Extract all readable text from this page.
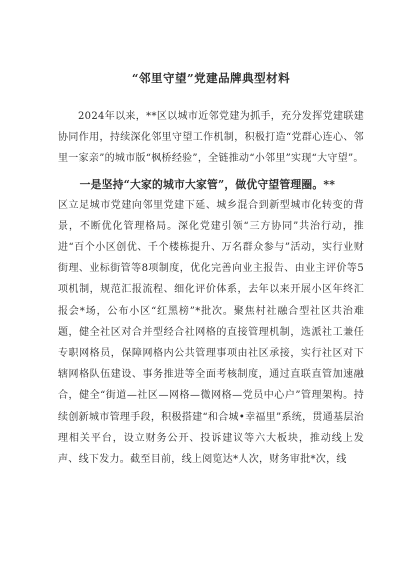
“邻里守望”党建品牌典型材料

2024年以来，**区以城市近邻党建为抓手，充分发挥党建联建协同作用，持续深化邻里守望工作机制，积极打造“党群心连心、邻里一家亲”的城市版“枫桥经验”，全链推动“小邻里”实现“大守望”。

一是坚持“大家的城市大家管”，做优守望管理圈。**

区立足城市党建向邻里党建下延、城乡混合到新型城市化转变的背景，不断优化管理格局。深化党建引领“三方协同”共治行动，推进“百个小区创优、千个楼栋提升、万名群众参与”活动，实行业财街理、业标街管等8项制度，优化完善向业主报告、由业主评价等5项机制，规范汇报流程、细化评价体系，去年以来开展小区年终汇报会*场，公布小区“红黑榜”*批次。聚焦村社融合型社区共治难题，健全社区对合并型经合社网格的直接管理机制，选派社工兼任专职网格员，保障网格内公共管理事项由社区承接，实行社区对下辖网格队伍建设、事务推进等全面考核制度，通过直联直管加速融合，健全“街道—社区—网格—微网格—党员中心户”管理架构。持续创新城市管理手段，积极搭建“和合城•幸福里”系统，贯通基层治理相关平台，设立财务公开、投诉建议等六大板块，推动线上发声、线下发力。截至目前，线上阅览达*人次，财务审批*次，线
